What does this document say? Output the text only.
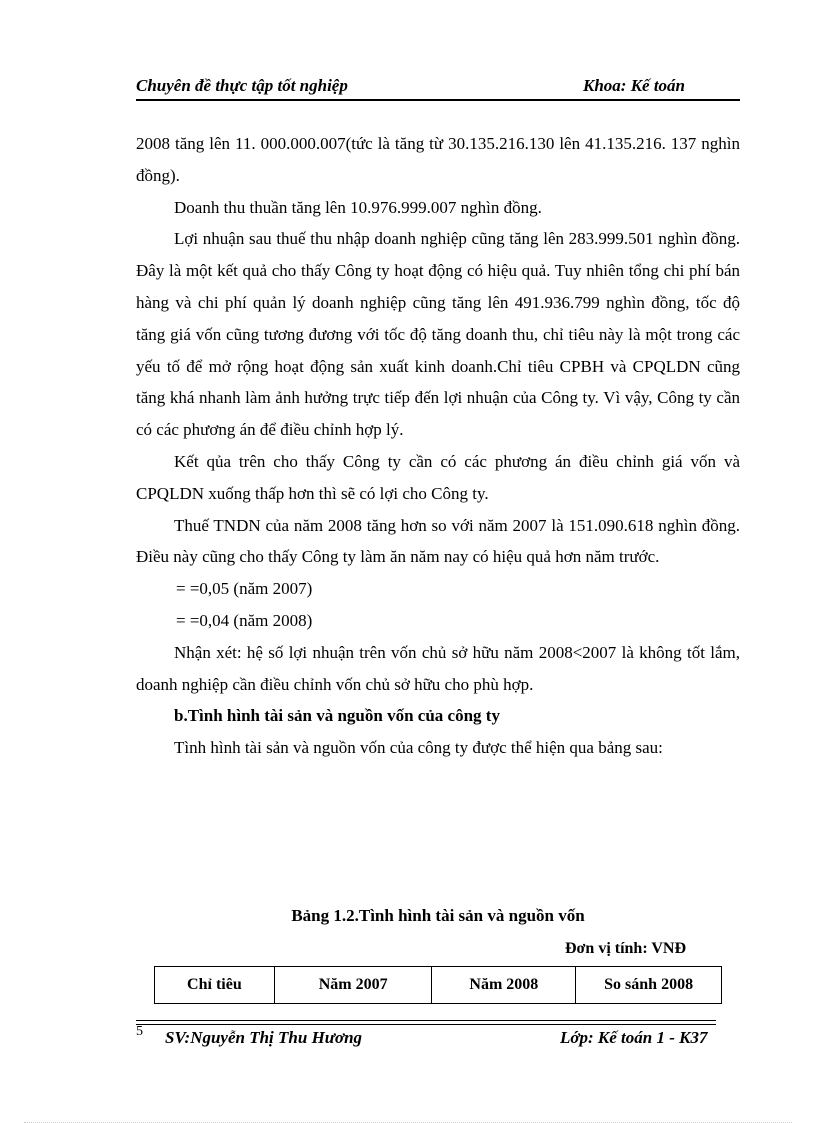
Chuyên đề thực tập tốt nghiệp	Khoa: Kế toán

2008 tăng lên 11. 000.000.007(tức là tăng từ 30.135.216.130 lên 41.135.216. 137 nghìn đồng).

Doanh thu thuần tăng lên 10.976.999.007 nghìn đồng.

Lợi nhuận sau thuế thu nhập doanh nghiệp cũng tăng lên 283.999.501 nghìn đồng. Đây là một kết quả cho thấy Công ty hoạt động có hiệu quả. Tuy nhiên tổng chi phí bán hàng và chi phí quản lý doanh nghiệp cũng tăng lên 491.936.799 nghìn đồng, tốc độ tăng giá vốn cũng tương đương với tốc độ tăng doanh thu, chỉ tiêu này là một trong các yếu tố để mở rộng hoạt động sản xuất kinh doanh.Chỉ tiêu CPBH và CPQLDN cũng tăng khá nhanh làm ảnh hưởng trực tiếp đến lợi nhuận của Công ty. Vì vậy, Công ty cần có các phương án để điều chỉnh hợp lý.

Kết qủa trên cho thấy Công ty cần có các phương án điều chỉnh giá vốn và CPQLDN xuống thấp hơn thì sẽ có lợi cho Công ty.

Thuế TNDN của năm 2008 tăng hơn so với năm 2007 là 151.090.618 nghìn đồng. Điều này cũng cho thấy Công ty làm ăn năm nay có hiệu quả hơn năm trước.

= =0,05 (năm 2007)

= =0,04 (năm 2008)

Nhận xét: hệ số lợi nhuận trên vốn chủ sở hữu năm 2008<2007 là không tốt lắm, doanh nghiệp cần điều chỉnh vốn chủ sở hữu cho phù hợp.

b.Tình hình tài sản và nguồn vốn của công ty

Tình hình tài sản và nguồn vốn của công ty được thể hiện qua bảng sau:

Bảng 1.2.Tình hình tài sản và nguồn vốn
Đơn vị tính: VNĐ
Chỉ tiêu	Năm 2007	Năm 2008	So sánh 2008
5 SV:Nguyễn Thị Thu Hương	Lớp: Kế toán 1 - K37
